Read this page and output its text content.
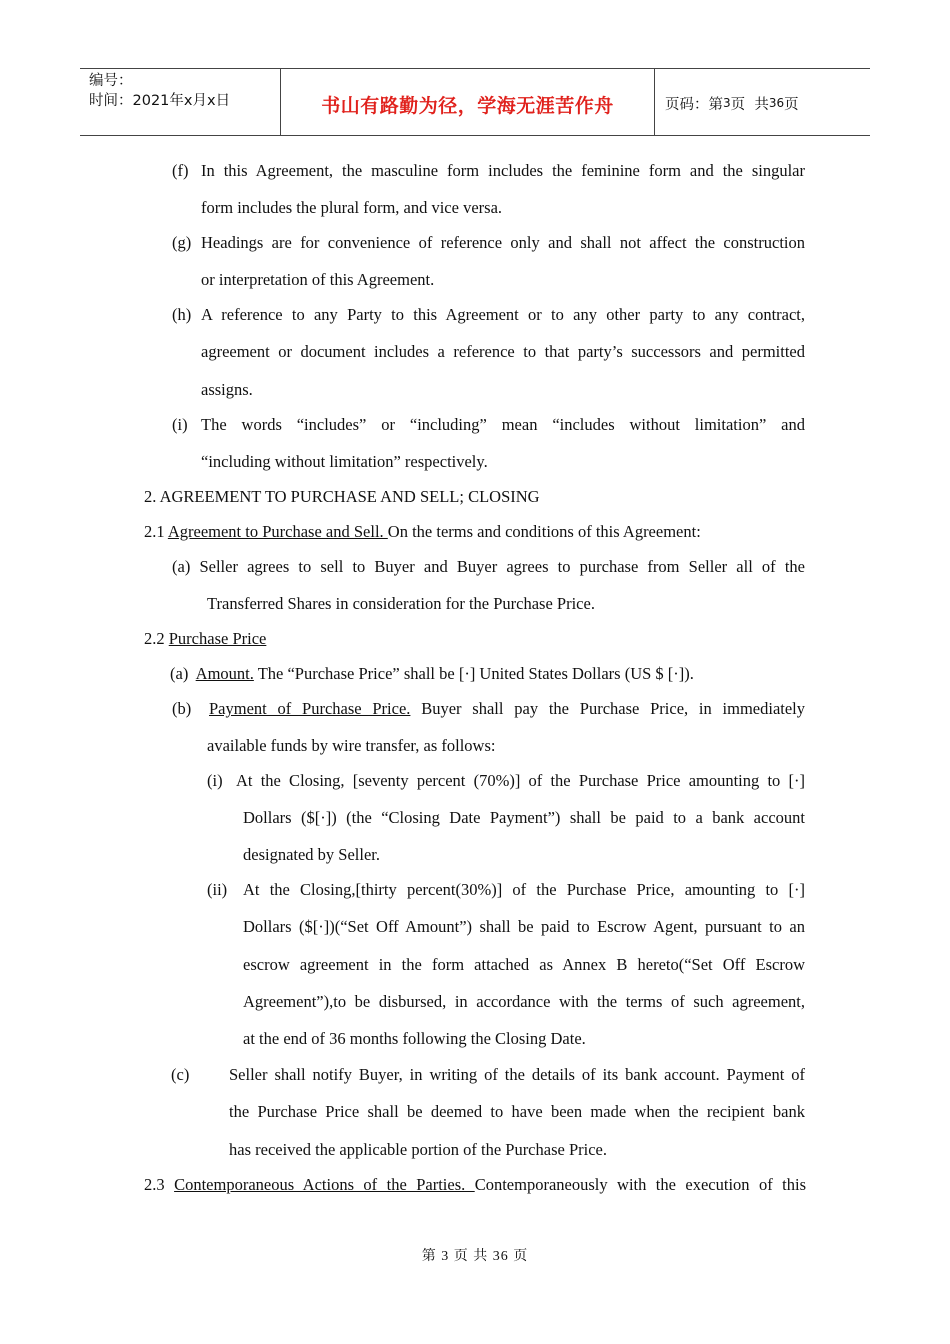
编号：
时间：2021年x月x日	书山有路勤为径，学海无涯苦作舟	页码：第 3 页  共 36 页
(f) In this Agreement, the masculine form includes the feminine form and the singular
form includes the plural form, and vice versa.
(g) Headings are for convenience of reference only and shall not affect the construction
or interpretation of this Agreement.
(h) A reference to any Party to this Agreement or to any other party to any contract,
agreement or document includes a reference to that party’s successors and permitted
assigns.
(i) The words “includes” or “including” mean “includes without limitation” and
“including without limitation” respectively.
2. AGREEMENT TO PURCHASE AND SELL; CLOSING
2.1 Agreement to Purchase and Sell. On the terms and conditions of this Agreement:
(a) Seller agrees to sell to Buyer and Buyer agrees to purchase from Seller all of the
Transferred Shares in consideration for the Purchase Price.
2.2 Purchase Price
(a)  Amount. The “Purchase Price” shall be [·] United States Dollars (US $ [·]).
(b)	Payment of Purchase Price. Buyer shall pay the Purchase Price, in immediately
available funds by wire transfer, as follows:
(i) At the Closing, [seventy percent (70%)] of the Purchase Price amounting to [·]
Dollars ($[·]) (the “Closing Date Payment”) shall be paid to a bank account
designated by Seller.
(ii) At the Closing,[thirty percent(30%)] of the Purchase Price, amounting to [·]
Dollars ($[·])(“Set Off Amount”) shall be paid to Escrow Agent, pursuant to an
escrow agreement in the form attached as Annex B hereto(“Set Off Escrow
Agreement”),to be disbursed, in accordance with the terms of such agreement,
at the end of 36 months following the Closing Date.
(c)	Seller shall notify Buyer, in writing of the details of its bank account. Payment of
the Purchase Price shall be deemed to have been made when the recipient bank
has received the applicable portion of the Purchase Price.
2.3 Contemporaneous Actions of the Parties. Contemporaneously with the execution of this
第 3 页 共 36 页
